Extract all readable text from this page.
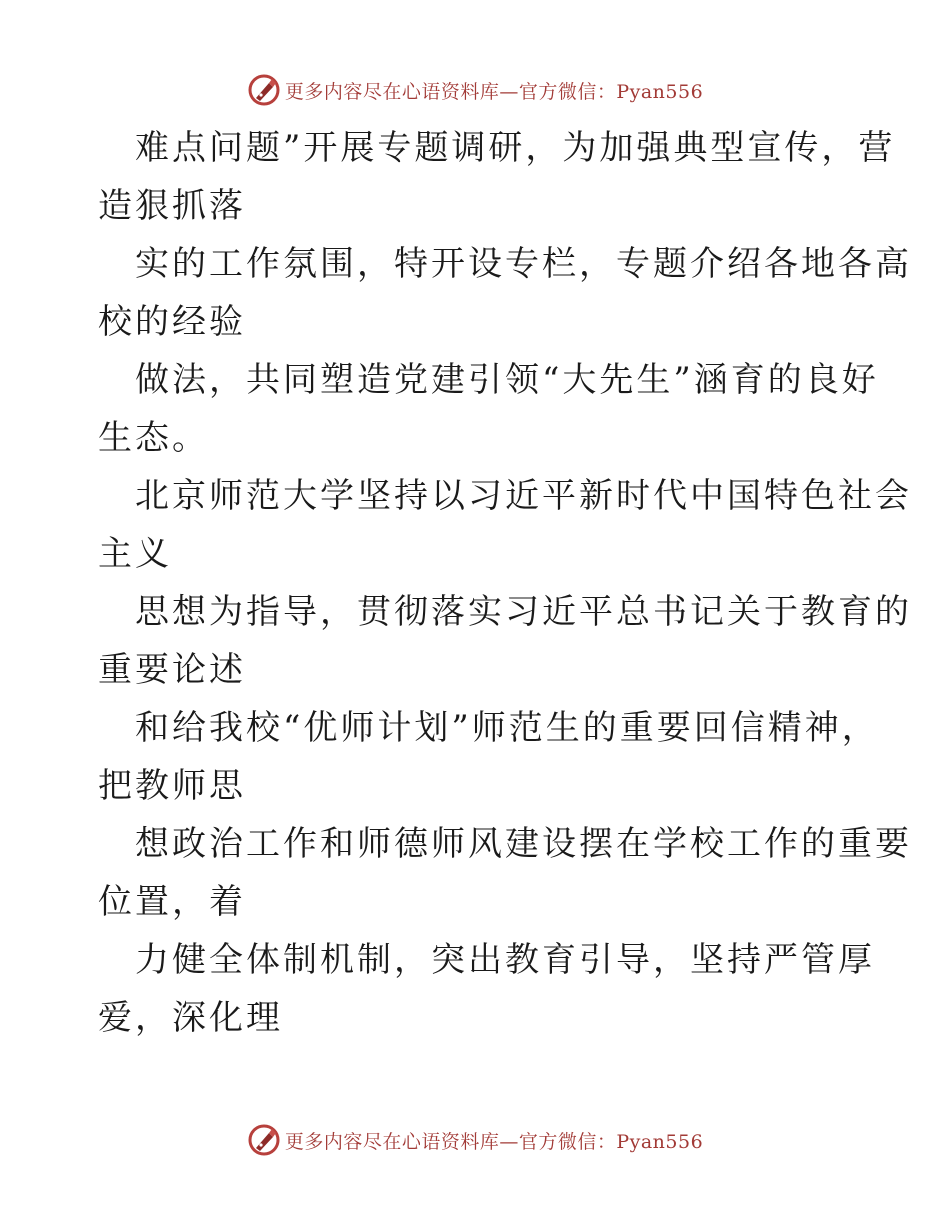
更多内容尽在心语资料库—官方微信：Pyan556

难点问题”开展专题调研，为加强典型宣传，营
造狠抓落

实的工作氛围，特开设专栏，专题介绍各地各高
校的经验

做法，共同塑造党建引领“大先生”涵育的良好
生态。

北京师范大学坚持以习近平新时代中国特色社会
主义

思想为指导，贯彻落实习近平总书记关于教育的
重要论述

和给我校“优师计划”师范生的重要回信精神，
把教师思

想政治工作和师德师风建设摆在学校工作的重要
位置，着

力健全体制机制，突出教育引导，坚持严管厚
爱，深化理

更多内容尽在心语资料库—官方微信：Pyan556
